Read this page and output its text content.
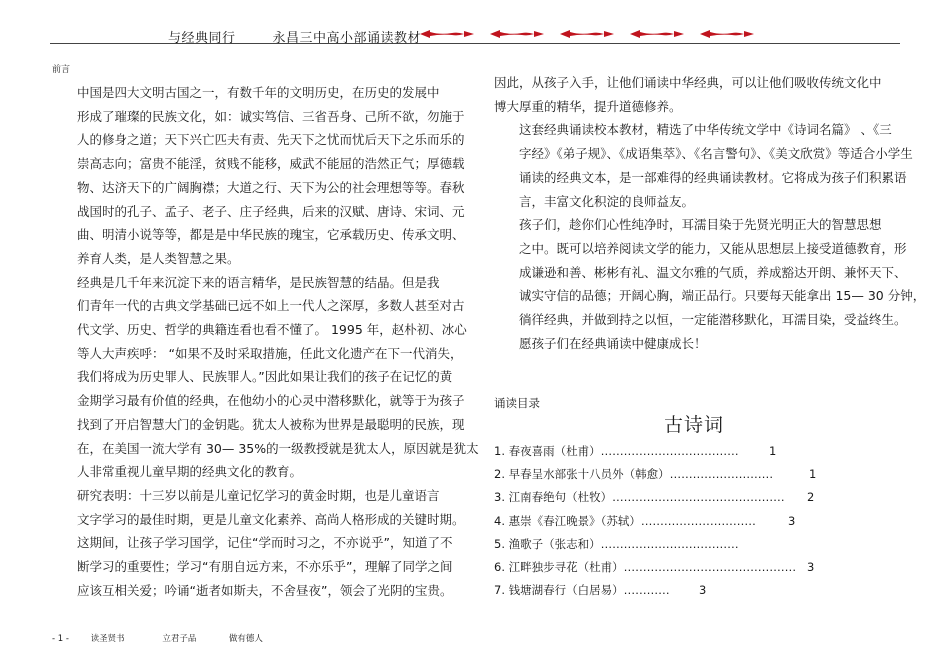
与经典同行        永昌三中高小部诵读教材

前言

中国是四大文明古国之一，有数千年的文明历史，在历史的发展中
形成了璀璨的民族文化，如：诚实笃信、三省吾身、己所不欲，勿施于
人的修身之道；天下兴亡匹夫有责、先天下之忧而忧后天下之乐而乐的
崇高志向；富贵不能淫，贫贱不能移，威武不能屈的浩然正气；厚德载
物、达济天下的广阔胸襟；大道之行、天下为公的社会理想等等。春秋
战国时的孔子、孟子、老子、庄子经典，后来的汉赋、唐诗、宋词、元
曲、明清小说等等，都是是中华民族的瑰宝，它承载历史、传承文明、
养育人类，是人类智慧之果。

经典是几千年来沉淀下来的语言精华，是民族智慧的结晶。但是我
们青年一代的古典文学基础已远不如上一代人之深厚，多数人甚至对古
代文学、历史、哲学的典籍连看也看不懂了。 1995 年，赵朴初、冰心
等人大声疾呼： “如果不及时采取措施，任此文化遗产在下一代消失，
我们将成为历史罪人、民族罪人。”因此如果让我们的孩子在记忆的黄
金期学习最有价值的经典，在他幼小的心灵中潜移默化，就等于为孩子
找到了开启智慧大门的金钥匙。犹太人被称为世界是最聪明的民族，现
在，在美国一流大学有 30— 35%的一级教授就是犹太人，原因就是犹太
人非常重视儿童早期的经典文化的教育。

研究表明：十三岁以前是儿童记忆学习的黄金时期，也是儿童语言
文字学习的最佳时期，更是儿童文化素养、高尚人格形成的关键时期。
这期间，让孩子学习国学，记住“学而时习之，不亦说乎”，知道了不
断学习的重要性；学习“有朋自远方来，不亦乐乎”，理解了同学之间
应该互相关爱；吟诵“逝者如斯夫，不舍昼夜”，领会了光阴的宝贵。

因此，从孩子入手，让他们诵读中华经典，可以让他们吸收传统文化中
博大厚重的精华，提升道德修养。

这套经典诵读校本教材，精选了中华传统文学中《诗词名篇》 、《三
字经》《弟子规》、《成语集萃》、《名言警句》、《美文欣赏》等适合小学生
诵读的经典文本，是一部难得的经典诵读教材。它将成为孩子们积累语
言，丰富文化积淀的良师益友。

孩子们，趁你们心性纯净时，耳濡目染于先贤光明正大的智慧思想
之中。既可以培养阅读文学的能力，又能从思想层上接受道德教育，形
成谦逊和善、彬彬有礼、温文尔雅的气质，养成豁达开朗、兼怀天下、
诚实守信的品德；开阔心胸，端正品行。只要每天能拿出 15— 30 分钟，
徜徉经典，并做到持之以恒，一定能潜移默化，耳濡目染，受益终生。

愿孩子们在经典诵读中健康成长！

诵读目录
古诗词
1. 春夜喜雨（杜甫）………………………………	1
2. 早春呈水部张十八员外（韩愈）………………………	1
3. 江南春绝句（杜牧）……………………………………… 2
4. 惠崇《春江晚景》（苏轼）…………………………	3
5. 渔歌子（张志和）………………………………
6. 江畔独步寻花（杜甫）……………………………………… 3
7. 钱塘湖春行（白居易）…………	3
- 1 -	读圣贤书	立君子品	做有德人
